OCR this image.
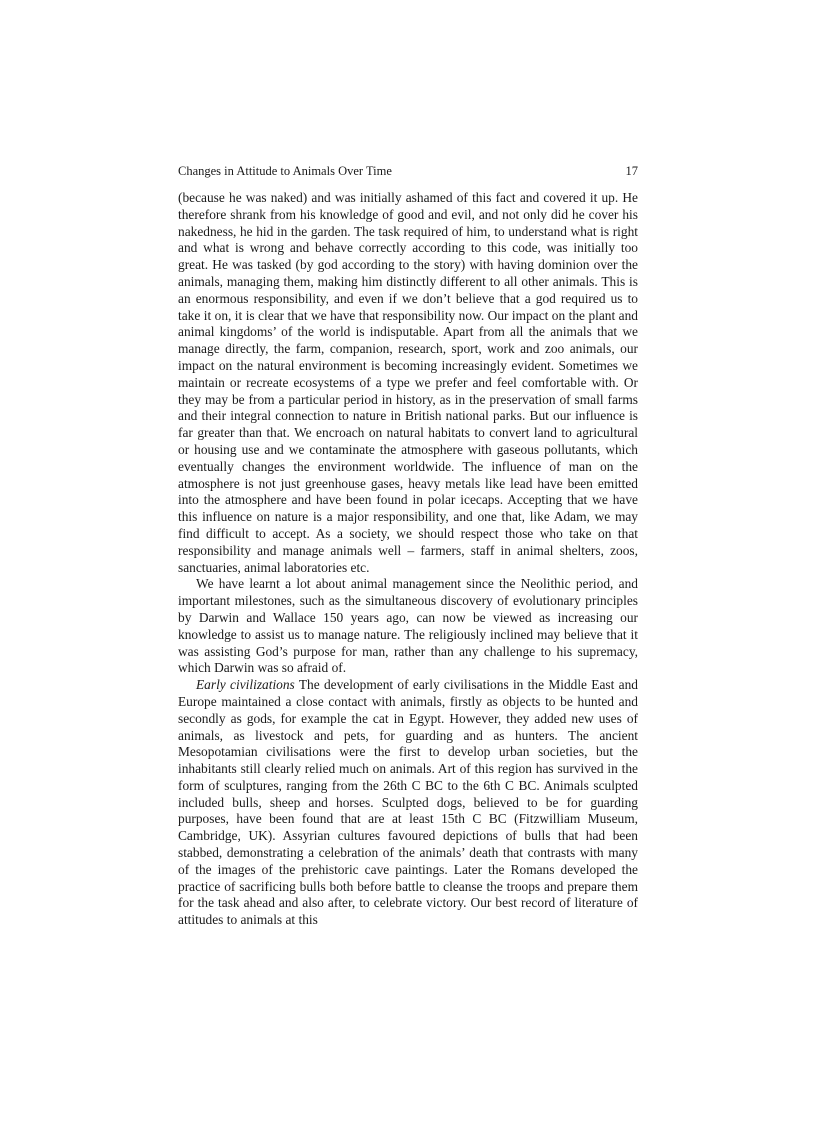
Changes in Attitude to Animals Over Time	17

(because he was naked) and was initially ashamed of this fact and covered it up. He therefore shrank from his knowledge of good and evil, and not only did he cover his nakedness, he hid in the garden. The task required of him, to understand what is right and what is wrong and behave correctly according to this code, was initially too great. He was tasked (by god according to the story) with having dominion over the animals, managing them, making him distinctly different to all other animals. This is an enormous responsibility, and even if we don’t believe that a god required us to take it on, it is clear that we have that responsibility now. Our impact on the plant and animal kingdoms’ of the world is indisputable. Apart from all the animals that we manage directly, the farm, companion, research, sport, work and zoo animals, our impact on the natural environment is becoming increasingly evident. Sometimes we maintain or recreate ecosystems of a type we prefer and feel comfortable with. Or they may be from a particular period in history, as in the preservation of small farms and their integral connection to nature in British national parks. But our influence is far greater than that. We encroach on natural habitats to convert land to agricultural or housing use and we contaminate the atmosphere with gaseous pollutants, which eventually changes the environment worldwide. The influence of man on the atmosphere is not just greenhouse gases, heavy metals like lead have been emitted into the atmosphere and have been found in polar icecaps. Accepting that we have this influence on nature is a major responsibility, and one that, like Adam, we may find difficult to accept. As a society, we should respect those who take on that responsibility and manage animals well – farmers, staff in animal shelters, zoos, sanctuaries, animal laboratories etc.

We have learnt a lot about animal management since the Neolithic period, and important milestones, such as the simultaneous discovery of evolutionary principles by Darwin and Wallace 150 years ago, can now be viewed as increasing our knowledge to assist us to manage nature. The religiously inclined may believe that it was assisting God’s purpose for man, rather than any challenge to his supremacy, which Darwin was so afraid of.

Early civilizations The development of early civilisations in the Middle East and Europe maintained a close contact with animals, firstly as objects to be hunted and secondly as gods, for example the cat in Egypt. However, they added new uses of animals, as livestock and pets, for guarding and as hunters. The ancient Mesopotamian civilisations were the first to develop urban societies, but the inhabitants still clearly relied much on animals. Art of this region has survived in the form of sculptures, ranging from the 26th C BC to the 6th C BC. Animals sculpted included bulls, sheep and horses. Sculpted dogs, believed to be for guarding purposes, have been found that are at least 15th C BC (Fitzwilliam Museum, Cambridge, UK). Assyrian cultures favoured depictions of bulls that had been stabbed, demonstrating a celebration of the animals’ death that contrasts with many of the images of the prehistoric cave paintings. Later the Romans developed the practice of sacrificing bulls both before battle to cleanse the troops and prepare them for the task ahead and also after, to celebrate victory. Our best record of literature of attitudes to animals at this
